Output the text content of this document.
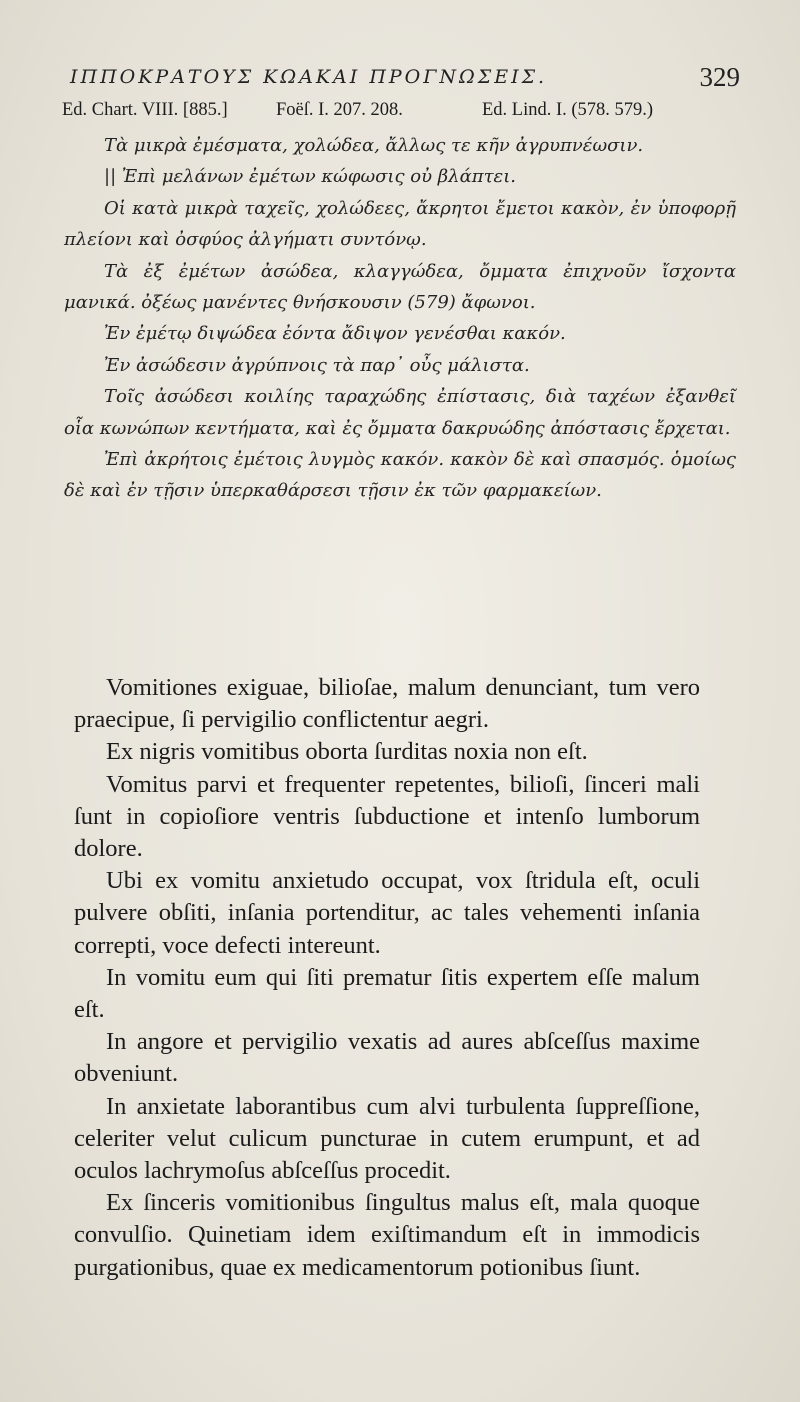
ΙΠΠΟΚΡΑΤΟΥΣ ΚΩΑΚΑΙ ΠΡΟΓΝΩΣΕΙΣ.	329
Ed. Chart. VIII. [885.]	Foëſ. I. 207. 208.	Ed. Lind. I. (578. 579.)

Τὰ μικρὰ ἐμέσματα, χολώδεα, ἄλλως τε κῆν ἀγρυπνέωσιν.

|| Ἐπὶ μελάνων ἐμέτων κώφωσις οὐ βλάπτει.

Οἱ κατὰ μικρὰ ταχεῖς, χολώδεες, ἄκρητοι ἔμετοι κακὸν, ἐν ὑποφορῇ πλείονι καὶ ὀσφύος ἀλγήματι συντόνῳ.

Τὰ ἐξ ἐμέτων ἀσώδεα, κλαγγώδεα, ὄμματα ἐπιχνοῦν ἴσχοντα μανικά. ὀξέως μανέντες θνήσκουσιν (579) ἄφωνοι.

Ἐν ἐμέτῳ διψώδεα ἐόντα ἄδιψον γενέσθαι κακόν.

Ἐν ἀσώδεσιν ἀγρύπνοις τὰ παρ᾽ οὖς μάλιστα.

Τοῖς ἀσώδεσι κοιλίης ταραχώδης ἐπίστασις, διὰ ταχέων ἐξανθεῖ οἷα κωνώπων κεντήματα, καὶ ἐς ὄμματα δακρυώδης ἀπόστασις ἔρχεται.

Ἐπὶ ἀκρήτοις ἐμέτοις λυγμὸς κακόν. κακὸν δὲ καὶ σπασμός. ὁμοίως δὲ καὶ ἐν τῇσιν ὑπερκαθάρσεσι τῇσιν ἐκ τῶν φαρμακείων.

Vomitiones exiguae, bilioſae, malum denunciant, tum vero praecipue, ſi pervigilio conflictentur aegri.

Ex nigris vomitibus oborta ſurditas noxia non eſt.

Vomitus parvi et frequenter repetentes, bilioſi, ſinceri mali ſunt in copioſiore ventris ſubductione et intenſo lumborum dolore.

Ubi ex vomitu anxietudo occupat, vox ſtridula eſt, oculi pulvere obſiti, inſania portenditur, ac tales vehementi inſania correpti, voce defecti intereunt.

In vomitu eum qui ſiti prematur ſitis expertem eſſe malum eſt.

In angore et pervigilio vexatis ad aures abſceſſus maxime obveniunt.

In anxietate laborantibus cum alvi turbulenta ſuppreſſione, celeriter velut culicum puncturae in cutem erumpunt, et ad oculos lachrymoſus abſceſſus procedit.

Ex ſinceris vomitionibus ſingultus malus eſt, mala quoque convulſio. Quinetiam idem exiſtimandum eſt in immodicis purgationibus, quae ex medicamentorum potionibus ſiunt.
